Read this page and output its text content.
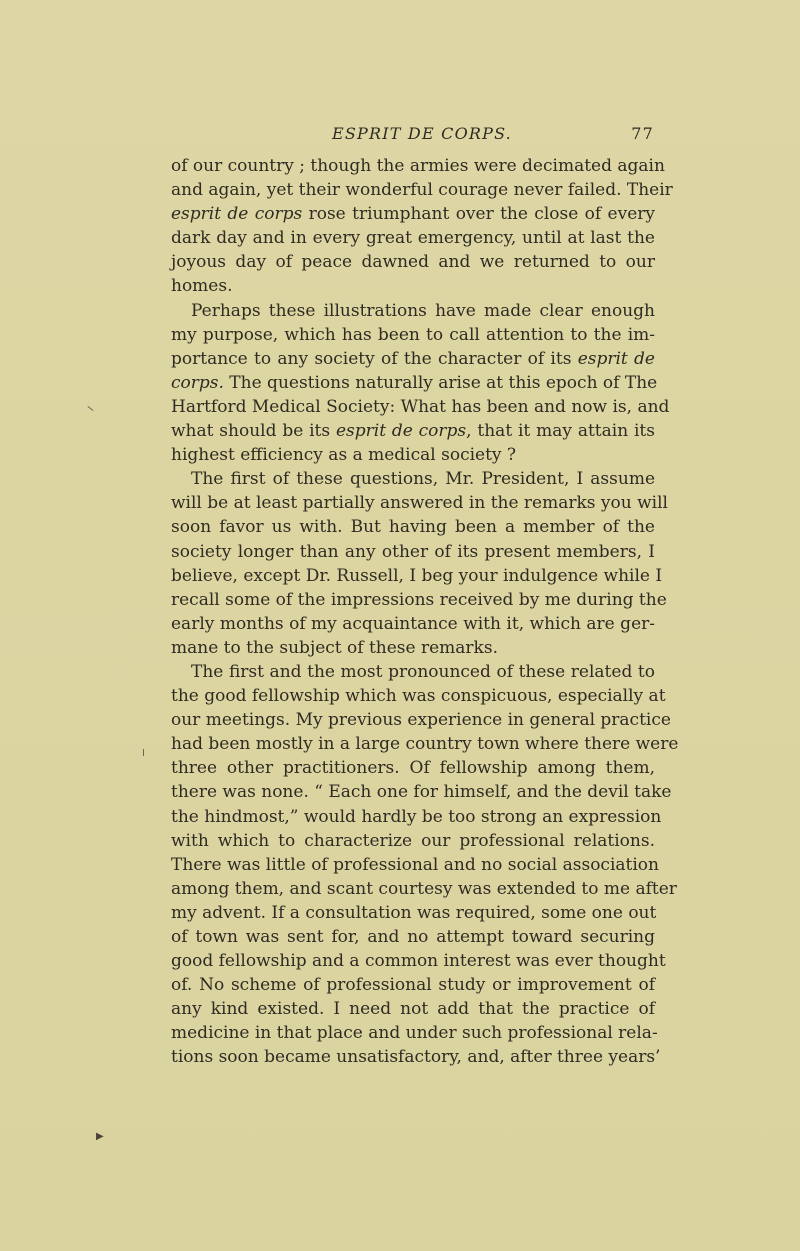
ESPRIT DE CORPS.	77
of our country ; though the armies were decimated again
and again, yet their wonderful courage never failed. Their
esprit de corps rose triumphant over the close of every
dark day and in every great emergency, until at last the
joyous day of peace dawned and we returned to our
homes.
Perhaps these illustrations have made clear enough
my purpose, which has been to call attention to the im-
portance to any society of the character of its esprit de
corps. The questions naturally arise at this epoch of The
Hartford Medical Society: What has been and now is, and
what should be its esprit de corps, that it may attain its
highest efficiency as a medical society ?
The first of these questions, Mr. President, I assume
will be at least partially answered in the remarks you will
soon favor us with. But having been a member of the
society longer than any other of its present members, I
believe, except Dr. Russell, I beg your indulgence while I
recall some of the impressions received by me during the
early months of my acquaintance with it, which are ger-
mane to the subject of these remarks.
The first and the most pronounced of these related to
the good fellowship which was conspicuous, especially at
our meetings. My previous experience in general practice
had been mostly in a large country town where there were
three other practitioners. Of fellowship among them,
there was none. “ Each one for himself, and the devil take
the hindmost,” would hardly be too strong an expression
with which to characterize our professional relations.
There was little of professional and no social association
among them, and scant courtesy was extended to me after
my advent. If a consultation was required, some one out
of town was sent for, and no attempt toward securing
good fellowship and a common interest was ever thought
of. No scheme of professional study or improvement of
any kind existed. I need not add that the practice of
medicine in that place and under such professional rela-
tions soon became unsatisfactory, and, after three years’
▶
